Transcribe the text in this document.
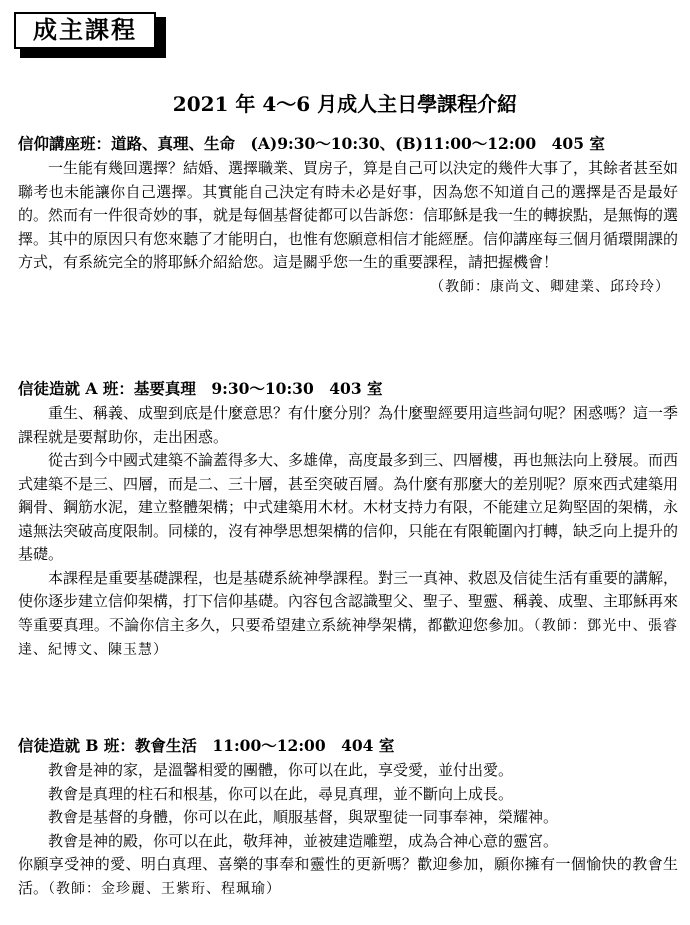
成主課程
2021 年 4～6 月成人主日學課程介紹
信仰講座班：道路、真理、生命　(A)9:30～10:30、(B)11:00～12:00　405 室

一生能有幾回選擇？結婚、選擇職業、買房子，算是自己可以決定的幾件大事了，其餘者甚至如聯考也未能讓你自己選擇。其實能自己決定有時未必是好事，因為您不知道自己的選擇是否是最好的。然而有一件很奇妙的事，就是每個基督徒都可以告訴您：信耶穌是我一生的轉捩點，是無悔的選擇。其中的原因只有您來聽了才能明白，也惟有您願意相信才能經歷。信仰講座每三個月循環開課的方式，有系統完全的將耶穌介紹給您。這是關乎您一生的重要課程，請把握機會！

（教師：康尚文、卿建業、邱玲玲）
信徒造就 A 班：基要真理　9:30～10:30　403 室

重生、稱義、成聖到底是什麼意思？有什麼分別？為什麼聖經要用這些詞句呢？困惑嗎？這一季課程就是要幫助你，走出困惑。

從古到今中國式建築不論蓋得多大、多雄偉，高度最多到三、四層樓，再也無法向上發展。而西式建築不是三、四層，而是二、三十層，甚至突破百層。為什麼有那麼大的差別呢？原來西式建築用鋼骨、鋼筋水泥，建立整體架構；中式建築用木材。木材支持力有限，不能建立足夠堅固的架構，永遠無法突破高度限制。同樣的，沒有神學思想架構的信仰，只能在有限範圍內打轉，缺乏向上提升的基礎。

本課程是重要基礎課程，也是基礎系統神學課程。對三一真神、救恩及信徒生活有重要的講解，使你逐步建立信仰架構，打下信仰基礎。內容包含認識聖父、聖子、聖靈、稱義、成聖、主耶穌再來等重要真理。不論你信主多久，只要希望建立系統神學架構，都歡迎您參加。（教師：鄧光中、張睿達、紀博文、陳玉慧）

信徒造就 B 班：教會生活　11:00～12:00　404 室
教會是神的家，是溫馨相愛的團體，你可以在此，享受愛，並付出愛。
教會是真理的柱石和根基，你可以在此，尋見真理，並不斷向上成長。
教會是基督的身體，你可以在此，順服基督，與眾聖徒一同事奉神，榮耀神。
教會是神的殿，你可以在此，敬拜神，並被建造雕塑，成為合神心意的靈宮。

你願享受神的愛、明白真理、喜樂的事奉和靈性的更新嗎？歡迎參加，願你擁有一個愉快的教會生活。（教師：金珍麗、王紫珩、程珮瑜）
